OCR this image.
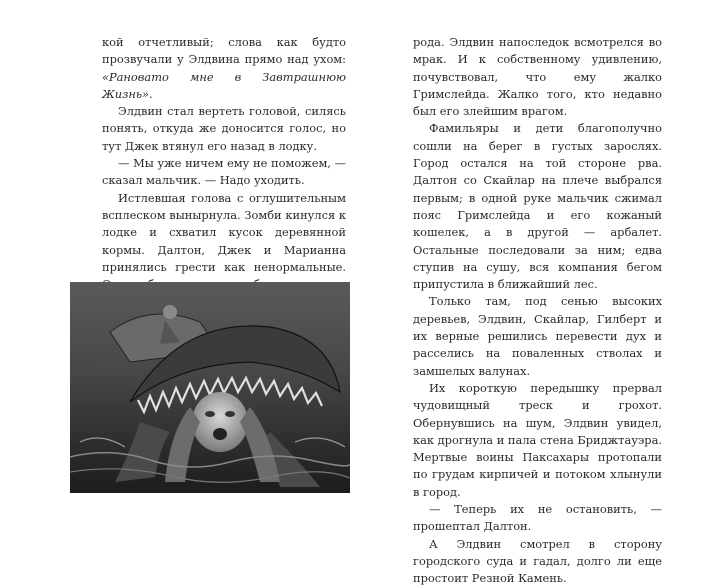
кой отчетливый; слова как будто прозвучали у Элдвина прямо над ухом: «Рановато мне в Завтрашнюю Жизнь».

Элдвин стал вертеть головой, силясь понять, откуда же доносится голос, но тут Джек втянул его назад в лодку.

— Мы уже ничем ему не поможем, — сказал мальчик. — Надо уходить.

Истлевшая голова с оглушительным всплеском вынырнула. Зомби кинулся к лодке и схватил кусок деревянной кормы. Далтон, Джек и Марианна принялись грести как ненормальные.

рода. Элдвин напоследок всмотрелся во мрак. И к собственному удивлению, почувствовал, что ему жалко Гримслейда. Жалко того, кто недавно был его злейшим врагом.

Фамильяры и дети благополучно сошли на берег в густых зарослях. Город остался на той стороне рва. Далтон со Скайлар на плече выбрался первым; в одной руке мальчик сжимал пояс Гримслейда и его кожаный кошелек, а в другой — арбалет. Остальные последовали за ним; едва ступив на сушу, вся компания бегом припустила в ближайший лес.

Только там, под сенью высоких деревьев, Элдвин, Скайлар, Гилберт и их верные решились перевести дух и расселись на поваленных стволах и замшелых валунах.

Их короткую передышку прервал чудовищный треск и грохот. Обернувшись на шум, Элдвин увидел, как дрогнула и пала стена Бриджтауэра. Мертвые воины Паксахары протопали по грудам кирпичей и потоком хлынули в город.

— Теперь их не остановить, — прошептал Далтон.

А Элдвин смотрел в сторону городского суда и гадал, долго ли еще простоит Резной Камень.
